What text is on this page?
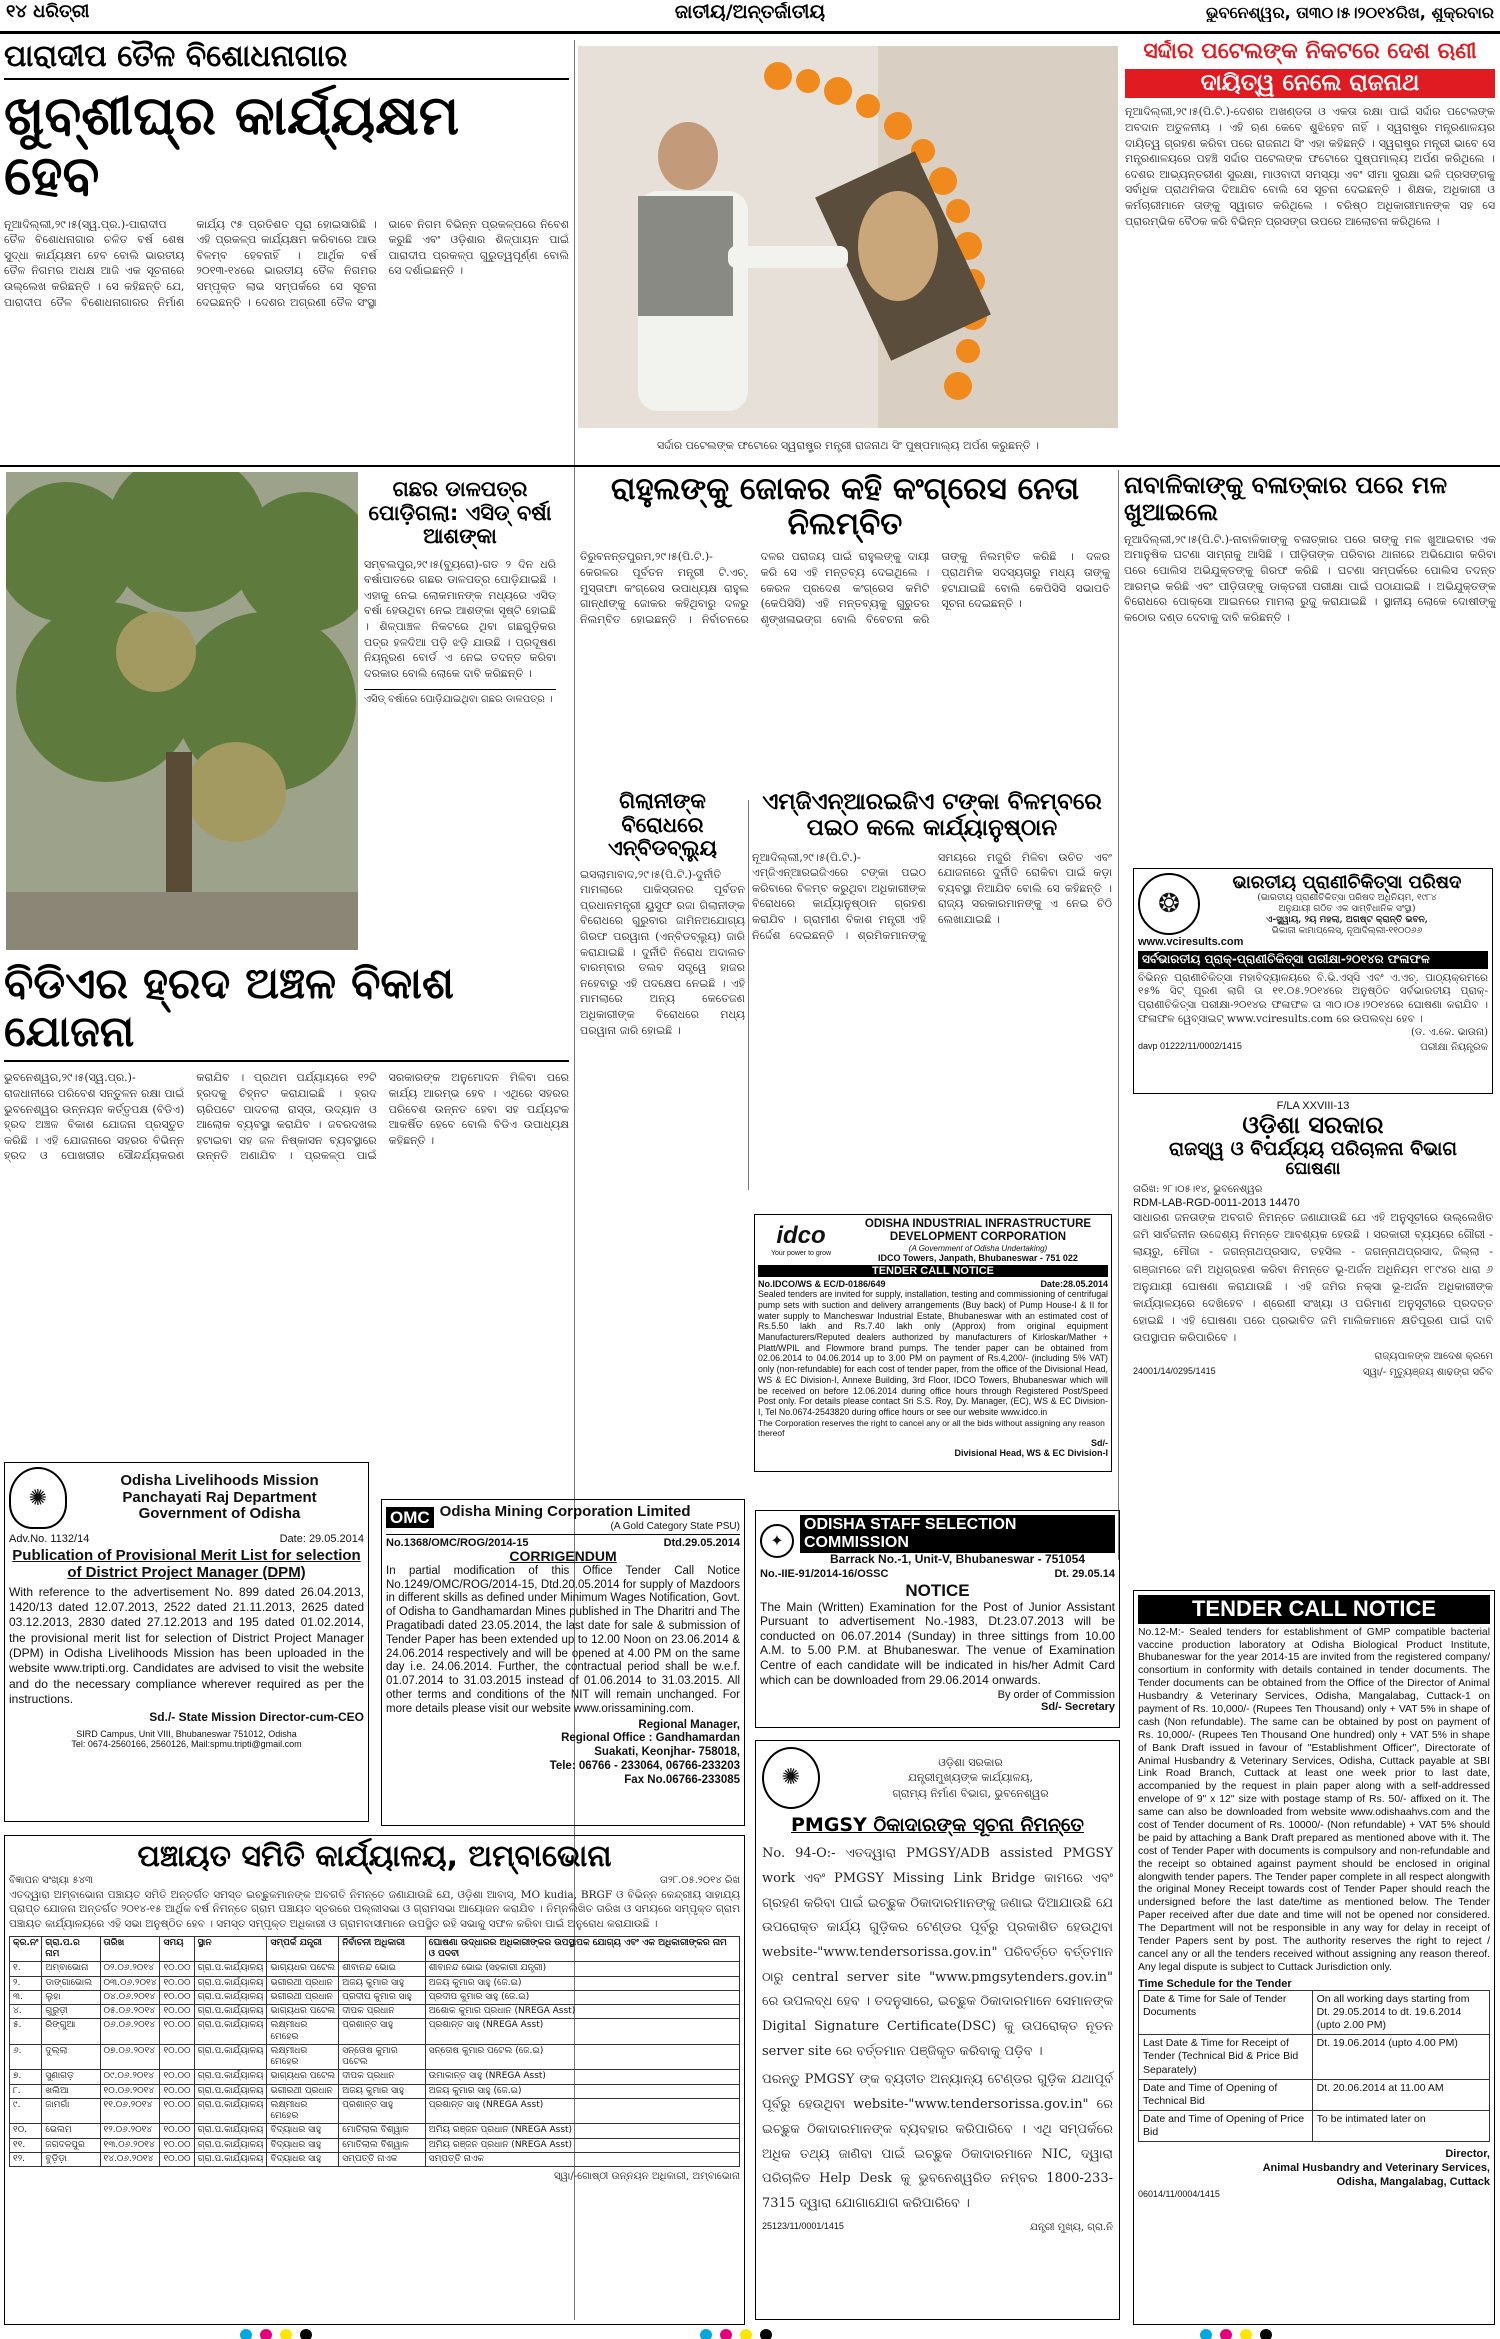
୧୪ ଧରିତ୍ରୀ	ଜାତୀୟ/ଅନ୍ତର୍ଜାତୀୟ	ଭୁବନେଶ୍ୱର, ତା୩୦।୫।୨୦୧୪ରିଖ, ଶୁକ୍ରବାର
ପାରାଦୀପ ତୈଳ ବିଶୋଧନାଗାର
ଖୁବ୍‌ଶୀଘ୍ର କାର୍ଯ୍ୟକ୍ଷମ ହେବ
ନୂଆଦିଲ୍ଲୀ,୨୯।୫(ସ୍ୱ.ପ୍ର.)-ପାରାଦୀପ ତୈଳ ବିଶୋଧନାଗାର ଚଳିତ ବର୍ଷ ଶେଷ ସୁଦ୍ଧା କାର୍ଯ୍ୟକ୍ଷମ ହେବ ବୋଲି ଭାରତୀୟ ତୈଳ ନିଗମର ଅଧକ୍ଷ ଆଜି ଏକ ସୂଚନାରେ ଉଲ୍ଲେଖ କରିଛନ୍ତି । ସେ କହିଛନ୍ତି ଯେ, ପାରାଦୀପ ତୈଳ ବିଶୋଧନାଗାରର ନିର୍ମାଣ କାର୍ଯ୍ୟ ୯୫ ପ୍ରତିଶତ ପୂରା ହୋଇସାରିଛି । ଏହି ପ୍ରକଳ୍ପ କାର୍ଯ୍ୟକ୍ଷମ କରିବାରେ ଆଉ ବିଳମ୍ବ ହେବନାହିଁ । ଆର୍ଥିକ ବର୍ଷ ୨୦୧୩-୧୪ରେ ଭାରତୀୟ ତୈଳ ନିଗମର ସମ୍ପୃକ୍ତ ଲାଭ ସମ୍ପର୍କରେ ସେ ସୂଚନା ଦେଇଛନ୍ତି । ଦେଶର ଅଗ୍ରଣୀ ତୈଳ ସଂସ୍ଥା ଭାବେ ନିଗମ ବିଭିନ୍ନ ପ୍ରକଳ୍ପରେ ନିବେଶ କରୁଛି ଏବଂ ଓଡ଼ିଶାର ଶିଳ୍ପାୟନ ପାଇଁ ପାରାଦୀପ ପ୍ରକଳ୍ପ ଗୁରୁତ୍ୱପୂର୍ଣ୍ଣ ବୋଲି ସେ ଦର୍ଶାଇଛନ୍ତି ।
ସର୍ଦ୍ଦାର ପଟେଲଙ୍କ ଫଟୋରେ ସ୍ୱରାଷ୍ଟ୍ର ମନ୍ତ୍ରୀ ରାଜନାଥ ସିଂ ପୁଷ୍ପମାଲ୍ୟ ଅର୍ପଣ କରୁଛନ୍ତି ।
ସର୍ଦ୍ଦାର ପଟେଲଙ୍କ ନିକଟରେ ଦେଶ ଋଣୀ
ଦାୟିତ୍ୱ ନେଲେ ରାଜନାଥ
ନୂଆଦିଲ୍ଲୀ,୨୯।୫(ପି.ଟି.)-ଦେଶର ଅଖଣ୍ଡତା ଓ ଏକତା ରକ୍ଷା ପାଇଁ ସର୍ଦ୍ଦାର ପଟେଲଙ୍କ ଅବଦାନ ଅତୁଳନୀୟ । ଏହି ଋଣ କେବେ ଶୁଝିହେବ ନାହିଁ । ସ୍ୱରାଷ୍ଟ୍ର ମନ୍ତ୍ରଣାଳୟର ଦାୟିତ୍ୱ ଗ୍ରହଣ କରିବା ପରେ ରାଜନାଥ ସିଂ ଏହା କହିଛନ୍ତି । ସ୍ୱରାଷ୍ଟ୍ର ମନ୍ତ୍ରୀ ଭାବେ ସେ ମନ୍ତ୍ରଣାଳୟରେ ପହଞ୍ଚି ସର୍ଦ୍ଦାର ପଟେଲଙ୍କ ଫଟୋରେ ପୁଷ୍ପମାଲ୍ୟ ଅର୍ପଣ କରିଥିଲେ । ଦେଶର ଆଭ୍ୟନ୍ତରୀଣ ସୁରକ୍ଷା, ମାଓବାଦୀ ସମସ୍ୟା ଏବଂ ସୀମା ସୁରକ୍ଷା ଭଳି ପ୍ରସଙ୍ଗକୁ ସର୍ବାଧିକ ପ୍ରାଥମିକତା ଦିଆଯିବ ବୋଲି ସେ ସୂଚନା ଦେଇଛନ୍ତି । ଶିକ୍ଷକ, ଅଧିକାରୀ ଓ କର୍ମଚାରୀମାନେ ତାଙ୍କୁ ସ୍ୱାଗତ କରିଥିଲେ । ବରିଷ୍ଠ ଅଧିକାରୀମାନଙ୍କ ସହ ସେ ପ୍ରାରମ୍ଭିକ ବୈଠକ କରି ବିଭିନ୍ନ ପ୍ରସଙ୍ଗ ଉପରେ ଆଲୋଚନା କରିଥିଲେ ।
ଗଛର ଡାଳପତ୍ର ପୋଡ଼ିଗଲା: ଏସିଡ୍ ବର୍ଷା ଆଶଙ୍କା
ସମ୍ବଲପୁର,୨୯।୫(ବ୍ୟୁରୋ)-ଗତ ୨ ଦିନ ଧରି ବର୍ଷାପାତରେ ଗଛର ଡାଳପତ୍ର ପୋଡ଼ିଯାଇଛି । ଏହାକୁ ନେଇ ଲୋକମାନଙ୍କ ମଧ୍ୟରେ ଏସିଡ୍ ବର୍ଷା ହେଉଥିବା ନେଇ ଆଶଙ୍କା ସୃଷ୍ଟି ହୋଇଛି । ଶିଳ୍ପାଞ୍ଚଳ ନିକଟରେ ଥିବା ଗଛଗୁଡ଼ିକର ପତ୍ର ହଳଦିଆ ପଡ଼ି ଝଡ଼ି ଯାଉଛି । ପ୍ରଦୂଷଣ ନିୟନ୍ତ୍ରଣ ବୋର୍ଡ ଏ ନେଇ ତଦନ୍ତ କରିବା ଦରକାର ବୋଲି ଲୋକେ ଦାବି କରିଛନ୍ତି ।
ଏସିଡ୍ ବର୍ଷାରେ ପୋଡ଼ିଯାଇଥିବା ଗଛର ଡାଳପତ୍ର ।
ରାହୁଲଙ୍କୁ ଜୋକର କହି କଂଗ୍ରେସ ନେତା ନିଲମ୍ବିତ
ତିରୁବନନ୍ତପୁରମ,୨୯।୫(ପି.ଟି.)-କେରଳର ପୂର୍ବତନ ମନ୍ତ୍ରୀ ଟି.ଏଚ୍. ମୁସ୍ତାଫା କଂଗ୍ରେସ ଉପାଧ୍ୟକ୍ଷ ରାହୁଲ ଗାନ୍ଧୀଙ୍କୁ ଜୋକର କହିଥିବାରୁ ଦଳରୁ ନିଲମ୍ବିତ ହୋଇଛନ୍ତି । ନିର୍ବାଚନରେ ଦଳର ପରାଜୟ ପାଇଁ ରାହୁଲଙ୍କୁ ଦାୟୀ କରି ସେ ଏହି ମନ୍ତବ୍ୟ ଦେଇଥିଲେ । କେରଳ ପ୍ରଦେଶ କଂଗ୍ରେସ କମିଟି (କେପିସିସି) ଏହି ମନ୍ତବ୍ୟକୁ ଗୁରୁତର ଶୃଙ୍ଖଳାଭଙ୍ଗ ବୋଲି ବିବେଚନା କରି ତାଙ୍କୁ ନିଲମ୍ବିତ କରିଛି । ଦଳର ପ୍ରାଥମିକ ସଦସ୍ୟତାରୁ ମଧ୍ୟ ତାଙ୍କୁ ହଟାଯାଇଛି ବୋଲି କେପିସିସି ସଭାପତି ସୂଚନା ଦେଇଛନ୍ତି ।
ନାବାଳିକାଙ୍କୁ ବଳାତ୍କାର ପରେ ମଳ ଖୁଆଇଲେ
ନୂଆଦିଲ୍ଲୀ,୨୯।୫(ପି.ଟି.)-ନାବାଳିକାଙ୍କୁ ବଳାତ୍କାର ପରେ ତାଙ୍କୁ ମଳ ଖୁଆଇବାର ଏକ ଅମାନୁଷିକ ଘଟଣା ସାମ୍ନାକୁ ଆସିଛି । ପୀଡ଼ିତାଙ୍କ ପରିବାର ଥାନାରେ ଅଭିଯୋଗ କରିବା ପରେ ପୋଲିସ ଅଭିଯୁକ୍ତଙ୍କୁ ଗିରଫ କରିଛି । ଘଟଣା ସମ୍ପର୍କରେ ପୋଲିସ ତଦନ୍ତ ଆରମ୍ଭ କରିଛି ଏବଂ ପୀଡ଼ିତାଙ୍କୁ ଡାକ୍ତରୀ ପରୀକ୍ଷା ପାଇଁ ପଠାଯାଇଛି । ଅଭିଯୁକ୍ତଙ୍କ ବିରୋଧରେ ପୋକ୍ସୋ ଆଇନରେ ମାମଲା ରୁଜୁ କରାଯାଇଛି । ସ୍ଥାନୀୟ ଲୋକେ ଦୋଷୀଙ୍କୁ କଠୋର ଦଣ୍ଡ ଦେବାକୁ ଦାବି କରିଛନ୍ତି ।
ଗିଲାନୀଙ୍କ ବିରୋଧରେ ଏନ୍‌ବିଡବ୍ଲ୍ୟୁ
ଇସଲାମାବାଦ,୨୯।୫(ପି.ଟି.)-ଦୁର୍ନୀତି ମାମଲାରେ ପାକିସ୍ତାନର ପୂର୍ବତନ ପ୍ରଧାନମନ୍ତ୍ରୀ ୟୁସୁଫ ରଜା ଗିଲାନୀଙ୍କ ବିରୋଧରେ ଗୁରୁବାର ଜାମିନଅଯୋଗ୍ୟ ଗିରଫ ପରୱାନା (ଏନ୍‌ବିଡବ୍ଲ୍ୟୁ) ଜାରି କରାଯାଇଛି । ଦୁର୍ନୀତି ନିରୋଧ ଅଦାଲତ ବାରମ୍ବାର ତଲବ ସତ୍ତ୍ୱେ ହାଜର ନହେବାରୁ ଏହି ପଦକ୍ଷେପ ନେଇଛି । ଏହି ମାମଲାରେ ଅନ୍ୟ କେତେଜଣ ଅଧିକାରୀଙ୍କ ବିରୋଧରେ ମଧ୍ୟ ପରୱାନା ଜାରି ହୋଇଛି ।
ଏମ୍‌ଜିଏନ୍‌ଆରଇଜିଏ ଟଙ୍କା ବିଳମ୍ବରେ ପଇଠ କଲେ କାର୍ଯ୍ୟାନୁଷ୍ଠାନ
ନୂଆଦିଲ୍ଲୀ,୨୯।୫(ପି.ଟି.)-ଏମ୍‌ଜିଏନ୍‌ଆରଇଜିଏରେ ଟଙ୍କା ପଇଠ କରିବାରେ ବିଳମ୍ବ କରୁଥିବା ଅଧିକାରୀଙ୍କ ବିରୋଧରେ କାର୍ଯ୍ୟାନୁଷ୍ଠାନ ଗ୍ରହଣ କରାଯିବ । ଗ୍ରାମୀଣ ବିକାଶ ମନ୍ତ୍ରୀ ଏହି ନିର୍ଦ୍ଦେଶ ଦେଇଛନ୍ତି । ଶ୍ରମିକମାନଙ୍କୁ ସମୟରେ ମଜୁରି ମିଳିବା ଉଚିତ ଏବଂ ଯୋଜନାରେ ଦୁର୍ନୀତି ରୋକିବା ପାଇଁ କଡ଼ା ବ୍ୟବସ୍ଥା ନିଆଯିବ ବୋଲି ସେ କହିଛନ୍ତି । ରାଜ୍ୟ ସରକାରମାନଙ୍କୁ ଏ ନେଇ ଚିଠି ଲେଖାଯାଇଛି ।
ବିଡିଏର ହ୍ରଦ ଅଞ୍ଚଳ ବିକାଶ ଯୋଜନା
ଭୁବନେଶ୍ୱର,୨୯।୫(ସ୍ୱ.ପ୍ର.)-ରାଜଧାନୀରେ ପରିବେଶ ସନ୍ତୁଳନ ରକ୍ଷା ପାଇଁ ଭୁବନେଶ୍ୱର ଉନ୍ନୟନ କର୍ତ୍ତୃପକ୍ଷ (ବିଡିଏ) ହ୍ରଦ ଅଞ୍ଚଳ ବିକାଶ ଯୋଜନା ପ୍ରସ୍ତୁତ କରିଛି । ଏହି ଯୋଜନାରେ ସହରର ବିଭିନ୍ନ ହ୍ରଦ ଓ ପୋଖରୀର ସୌନ୍ଦର୍ଯ୍ୟକରଣ କରାଯିବ । ପ୍ରଥମ ପର୍ଯ୍ୟାୟରେ ୧୨ଟି ହ୍ରଦକୁ ଚିହ୍ନଟ କରାଯାଇଛି । ହ୍ରଦ ଚାରିପଟେ ପାଦଚଲା ରାସ୍ତା, ଉଦ୍ୟାନ ଓ ଆଲୋକ ବ୍ୟବସ୍ଥା କରାଯିବ । ଜବରଦଖଲ ହଟାଇବା ସହ ଜଳ ନିଷ୍କାସନ ବ୍ୟବସ୍ଥାରେ ଉନ୍ନତି ଅଣାଯିବ । ପ୍ରକଳ୍ପ ପାଇଁ ସରକାରଙ୍କ ଅନୁମୋଦନ ମିଳିବା ପରେ କାର୍ଯ୍ୟ ଆରମ୍ଭ ହେବ । ଏଥିରେ ସହରର ପରିବେଶ ଉନ୍ନତ ହେବା ସହ ପର୍ଯ୍ୟଟକ ଆକର୍ଷିତ ହେବେ ବୋଲି ବିଡିଏ ଉପାଧ୍ୟକ୍ଷ କହିଛନ୍ତି ।
❂
ଭାରତୀୟ ପ୍ରାଣୀଚିକିତ୍ସା ପରିଷଦ
(ଭାରତୀୟ ପ୍ରାଣୀଚିକିତ୍ସା ପରିଷଦ ଅଧିନିୟମ, ୧୯୮୪
ଅନୁଯାୟୀ ଗଠିତ ଏକ ସାମ୍ବିଧାନିକ ସଂସ୍ଥା)
ଏ-ସ୍କ୍ୱାୟ, ୨ୟ ମହଲା, ଅଗଷ୍ଟ କ୍ରାନ୍ତି ଭବନ,
ଭିକାଜୀ କାମାପ୍ଲେସ୍, ନୂଆଦିଲ୍ଲୀ-୧୧୦୦୬୬
www.vciresults.com
ସର୍ବଭାରତୀୟ ପ୍ରାକ୍-ପ୍ରାଣୀଚିକିତ୍ସା ପରୀକ୍ଷା-୨୦୧୪ର ଫଳାଫଳ
ବିଭିନ୍ନ ପ୍ରାଣୀଚିକିତ୍ସା ମହାବିଦ୍ୟାଳୟରେ ବି.ଭି.ଏସ୍‌ସି ଏବଂ ଏ.ଏଚ୍. ପାଠ୍ୟକ୍ରମରେ ୧୫% ସିଟ୍ ପୂରଣ ଲାଗି ତା ୧୧.୦୫.୨୦୧୪ରେ ଅନୁଷ୍ଠିତ ସର୍ବଭାରତୀୟ ପ୍ରାକ୍-ପ୍ରାଣୀଚିକିତ୍ସା ପରୀକ୍ଷା-୨୦୧୪ର ଫଳାଫଳ ତା ୩୦।୦୫।୨୦୧୪ରେ ଘୋଷଣା କରାଯିବ । ଫଳାଫଳ ୱେବ୍‌ସାଇଟ୍ www.vciresults.com ରେ ଉପଲବ୍ଧ ହେବ ।
(ଡ. ଏ.କେ. ଭାଉନା)
davp 01222/11/0002/1415	ପରୀକ୍ଷା ନିୟନ୍ତ୍ରକ
F/LA XXVIII-13
ଓଡ଼ିଶା ସରକାର
ରାଜସ୍ୱ ଓ ବିପର୍ଯ୍ୟୟ ପରିଚାଳନା ବିଭାଗ
ଘୋଷଣା
ତାରିଖ: ୨୮।୦୫।୧୪, ଭୁବନେଶ୍ୱର
RDM-LAB-RGD-0011-2013 14470
ସାଧାରଣ ଜନତାଙ୍କ ଅବଗତି ନିମନ୍ତେ ଜଣାଯାଉଛି ଯେ ଏହି ଅନୁସୂଚୀରେ ଉଲ୍ଲେଖିତ ଜମି ସାର୍ବଜନୀନ ଉଦ୍ଦେଶ୍ୟ ନିମନ୍ତେ ଆବଶ୍ୟକ ହେଉଛି । ସରକାରୀ ବ୍ୟୟରେ ଗୌରୀ - ଲାୟରୁ, ମୌଜା - ଜଗନ୍ନାଥପ୍ରସାଦ, ତହସିଲ - ଜଗନ୍ନାଥପ୍ରସାଦ, ଜିଲ୍ଲା - ଗଞ୍ଜାମରେ ଜମି ଅଧିଗ୍ରହଣ କରିବା ନିମନ୍ତେ ଭୂ-ଅର୍ଜନ ଅଧିନିୟମ ୧୮୯୪ର ଧାରା ୬ ଅନୁଯାୟୀ ଘୋଷଣା କରାଯାଉଛି । ଏହି ଜମିର ନକ୍ସା ଭୂ-ଅର୍ଜନ ଅଧିକାରୀଙ୍କ କାର୍ଯ୍ୟାଳୟରେ ଦେଖିହେବ । ଶ୍ରେଣୀ ସଂଖ୍ୟା ଓ ପରିମାଣ ଅନୁସୂଚୀରେ ପ୍ରଦତ୍ତ ହୋଇଛି । ଏହି ଘୋଷଣା ପରେ ପ୍ରଭାବିତ ଜମି ମାଲିକମାନେ କ୍ଷତିପୂରଣ ପାଇଁ ଦାବି ଉପସ୍ଥାପନ କରିପାରିବେ ।
ରାଜ୍ୟପାଳଙ୍କ ଆଦେଶ କ୍ରମେ
24001/14/0295/1415	ସ୍ୱା/- ମୃତ୍ୟୁଞ୍ଜୟ ଶାଢଙ୍ଗ ସଚିବ
idco
Your power to grow
ODISHA INDUSTRIAL INFRASTRUCTURE
DEVELOPMENT CORPORATION
(A Government of Odisha Undertaking)
IDCO Towers, Janpath, Bhubaneswar - 751 022
TENDER CALL NOTICE
No.IDCO/WS & EC/D-0186/649	Date:28.05.2014
Sealed tenders are invited for supply, installation, testing and commissioning of centrifugal pump sets with suction and delivery arrangements (Buy back) of Pump House-I & II for water supply to Mancheswar Industrial Estate, Bhubaneswar with an estimated cost of Rs.5.50 lakh and Rs.7.40 lakh only (Approx) from original equipment Manufacturers/Reputed dealers authorized by manufacturers of Kirloskar/Mather + Platt/WPIL and Flowmore brand pumps. The tender paper can be obtained from 02.06.2014 to 04.06.2014 up to 3.00 PM on payment of Rs.4,200/- (including 5% VAT) only (non-refundable) for each cost of tender paper, from the office of the Divisional Head, WS & EC Division-I, Annexe Building, 3rd Floor, IDCO Towers, Bhubaneswar which will be received on before 12.06.2014 during office hours through Registered Post/Speed Post only. For details please contact Sri S.S. Roy, Dy. Manager, (EC), WS & EC Division-I, Tel No.0674-2543820 during office hours or see our website www.idco.in
The Corporation reserves the right to cancel any or all the bids without assigning any reason thereof
Sd/-
Divisional Head, WS & EC Division-I
✺
Odisha Livelihoods Mission
Panchayati Raj Department
Government of Odisha
Adv.No. 1132/14	Date: 29.05.2014
Publication of Provisional Merit List for selection of District Project Manager (DPM)
With reference to the advertisement No. 899 dated 26.04.2013, 1420/13 dated 12.07.2013, 2522 dated 21.11.2013, 2625 dated 03.12.2013, 2830 dated 27.12.2013 and 195 dated 01.02.2014, the provisional merit list for selection of District Project Manager (DPM) in Odisha Livelihoods Mission has been uploaded in the website www.tripti.org. Candidates are advised to visit the website and do the necessary compliance wherever required as per the instructions.
Sd./- State Mission Director-cum-CEO
SIRD Campus, Unit VIII, Bhubaneswar 751012, Odisha
Tel: 0674-2560166, 2560126, Mail:spmu.tripti@gmail.com
OMC Odisha Mining Corporation Limited
(A Gold Category State PSU)
No.1368/OMC/ROG/2014-15	Dtd.29.05.2014
CORRIGENDUM
In partial modification of this Office Tender Call Notice No.1249/OMC/ROG/2014-15, Dtd.20.05.2014 for supply of Mazdoors in different skills as defined under Minimum Wages Notification, Govt. of Odisha to Gandhamardan Mines published in The Dharitri and The Pragatibadi dated 23.05.2014, the last date for sale & submission of Tender Paper has been extended up to 12.00 Noon on 23.06.2014 & 24.06.2014 respectively and will be opened at 4.00 PM on the same day i.e. 24.06.2014. Further, the contractual period shall be w.e.f. 01.07.2014 to 31.03.2015 instead of 01.06.2014 to 31.03.2015. All other terms and conditions of the NIT will remain unchanged. For more details please visit our website www.orissamining.com.
Regional Manager,
Regional Office : Gandhamardan
Suakati, Keonjhar- 758018,
Tele: 06766 - 233064, 06766-233203
Fax No.06766-233085
✦
ODISHA STAFF SELECTION COMMISSION
Barrack No.-1, Unit-V, Bhubaneswar - 751054
No.-IIE-91/2014-16/OSSC	Dt. 29.05.14
NOTICE
The Main (Written) Examination for the Post of Junior Assistant Pursuant to advertisement No.-1983, Dt.23.07.2013 will be conducted on 06.07.2014 (Sunday) in three sittings from 10.00 A.M. to 5.00 P.M. at Bhubaneswar. The venue of Examination Centre of each candidate will be indicated in his/her Admit Card which can be downloaded from 29.06.2014 onwards.
By order of Commission
Sd/- Secretary
TENDER CALL NOTICE
No.12-M:- Sealed tenders for establishment of GMP compatible bacterial vaccine production laboratory at Odisha Biological Product Institute, Bhubaneswar for the year 2014-15 are invited from the registered company/ consortium in conformity with details contained in tender documents. The Tender documents can be obtained from the Office of the Director of Animal Husbandry & Veterinary Services, Odisha, Mangalabag, Cuttack-1 on payment of Rs. 10,000/- (Rupees Ten Thousand) only + VAT 5% in shape of cash (Non refundable). The same can be obtained by post on payment of Rs. 10,000/- (Rupees Ten Thousand One hundred) only + VAT 5% in shape of Bank Draft issued in favour of "Establishment Officer", Directorate of Animal Husbandry & Veterinary Services, Odisha, Cuttack payable at SBI Link Road Branch, Cuttack at least one week prior to last date, accompanied by the request in plain paper along with a self-addressed envelope of 9" x 12" size with postage stamp of Rs. 50/- affixed on it. The same can also be downloaded from website www.odishaahvs.com and the cost of Tender document of Rs. 10000/- (Non refundable) + VAT 5% should be paid by attaching a Bank Draft prepared as mentioned above with it. The cost of Tender Paper with documents is compulsory and non-refundable and the receipt so obtained against payment should be enclosed in original alongwith tender papers. The Tender paper complete in all respect alongwith the original Money Receipt towards cost of Tender Paper should reach the undersigned before the last date/time as mentioned below. The Tender Paper received after due date and time will not be opened nor considered. The Department will not be responsible in any way for delay in receipt of Tender Papers sent by post. The authority reserves the right to reject / cancel any or all the tenders received without assigning any reason thereof. Any legal dispute is subject to Cuttack Jurisdiction only.
Time Schedule for the Tender
Date & Time for Sale of Tender Documents	On all working days starting from Dt. 29.05.2014 to dt. 19.6.2014 (upto 2.00 PM)
Last Date & Time for Receipt of Tender (Technical Bid & Price Bid Separately)	Dt. 19.06.2014 (upto 4.00 PM)
Date and Time of Opening of Technical Bid	Dt. 20.06.2014 at 11.00 AM
Date and Time of Opening of Price Bid	To be intimated later on
Director,
Animal Husbandry and Veterinary Services,
Odisha, Mangalabag, Cuttack
06014/11/0004/1415
✺
ଓଡ଼ିଶା ସରକାର
ଯନ୍ତ୍ରୀମୁଖ୍ୟଙ୍କ କାର୍ଯ୍ୟାଳୟ,
ଗ୍ରାମ୍ୟ ନିର୍ମାଣ ବିଭାଗ, ଭୁବନେଶ୍ୱର
PMGSY ଠିକାଦାରଙ୍କ ସୂଚନା ନିମନ୍ତେ
No. 94-O:- ଏତଦ୍ୱାରା PMGSY/ADB assisted PMGSY work ଏବଂ PMGSY Missing Link Bridge କାମରେ ଏବଂ ଗ୍ରହଣ କରିବା ପାଇଁ ଇଚ୍ଛୁକ ଠିକାଦାରମାନଙ୍କୁ ଜଣାଇ ଦିଆଯାଉଛି ଯେ ଉପରୋକ୍ତ କାର୍ଯ୍ୟ ଗୁଡ଼ିକର ଟେଣ୍ଡର ପୂର୍ବରୁ ପ୍ରକାଶିତ ହେଉଥିବା website-"www.tendersorissa.gov.in" ପରିବର୍ତ୍ତେ ବର୍ତ୍ତମାନ ଠାରୁ central server site "www.pmgsytenders.gov.in" ରେ ଉପଲବ୍ଧ ହେବ । ତଦନୁସାରେ, ଇଚ୍ଛୁକ ଠିକାଦାରମାନେ ସେମାନଙ୍କ Digital Signature Certificate(DSC) କୁ ଉପରୋକ୍ତ ନୂତନ server site ରେ ବର୍ତ୍ତମାନ ପଞ୍ଜିକୃତ କରିବାକୁ ପଡ଼ିବ ।
ପରନ୍ତୁ PMGSY ଙ୍କ ବ୍ୟତୀତ ଅନ୍ୟାନ୍ୟ ଟେଣ୍ଡର ଗୁଡ଼ିକ ଯଥାପୂର୍ବ ପୂର୍ବରୁ ହେଉଥିବା website-"www.tendersorissa.gov.in" ରେ ଇଚ୍ଛୁକ ଠିକାଦାରମାନଙ୍କ ବ୍ୟବହାର କରିପାରିବେ । ଏଥି ସମ୍ପର୍କରେ ଅଧିକ ତଥ୍ୟ ଜାଣିବା ପାଇଁ ଇଚ୍ଛୁକ ଠିକାଦାରମାନେ NIC, ଦ୍ୱାରା ପରିଚାଳିତ Help Desk କୁ ଭୁବନେଶ୍ୱରିତ ନମ୍ବର 1800-233-7315 ଦ୍ୱାରା ଯୋଗାଯୋଗ କରିପାରିବେ ।
25123/11/0001/1415	ଯନ୍ତ୍ରୀ ମୁଖ୍ୟ, ଗ୍ରା.ନି
ପଞ୍ଚାୟତ ସମିତି କାର୍ଯ୍ୟାଳୟ, ଅମ୍ବାଭୋନା
ବିଜ୍ଞାପନ ସଂଖ୍ୟା ୫୪୩	ତା୨୮.୦୫.୨୦୧୪ ରିଖ
ଏତଦ୍ୱାରା ଅମ୍ବାଭୋନା ପଞ୍ଚାୟତ ସମିତି ଅନ୍ତର୍ଗତ ସମସ୍ତ ଇଚ୍ଛୁକମାନଙ୍କ ଅବଗତି ନିମନ୍ତେ ଜଣାଯାଉଛି ଯେ, ଓଡ଼ିଶା ଆବାସ୍, MO kudia, BRGF ଓ ବିଭିନ୍ନ କେନ୍ଦ୍ରୀୟ ସାହାଯ୍ୟ ପ୍ରାପ୍ତ ଯୋଜନା ଅନ୍ତର୍ଗତ ୨୦୧୪-୧୫ ଆର୍ଥିକ ବର୍ଷ ନିମନ୍ତେ ଗ୍ରାମ ପଞ୍ଚାୟତ ସ୍ତରରେ ପଲ୍ଲୀସଭା ଓ ଗ୍ରାମସଭା ଆୟୋଜନ କରାଯିବ । ନିମ୍ନଲିଖିତ ତାରିଖ ଓ ସମୟରେ ସମ୍ପୃକ୍ତ ଗ୍ରାମ ପଞ୍ଚାୟତ କାର୍ଯ୍ୟାଳୟରେ ଏହି ସଭା ଅନୁଷ୍ଠିତ ହେବ । ସମସ୍ତ ସମ୍ପୃକ୍ତ ଅଧିକାରୀ ଓ ଗ୍ରାମବାସୀମାନେ ଉପସ୍ଥିତ ରହି ସଭାକୁ ସଫଳ କରିବା ପାଇଁ ଅନୁରୋଧ କରାଯାଉଛି ।
କ୍ର.ନଂ	ଗ୍ରା.ପ.ର ନାମ	ତାରିଖ	ସମୟ	ସ୍ଥାନ	ସମ୍ପର୍କ ଯନ୍ତ୍ରୀ	ନିର୍ବାଚନୀ ଅଧିକାରୀ	ଘୋଷଣା ଉଦ୍ଧାରର ଅଧିକାରୀଙ୍କର ଉପସ୍ଥାପକ ଯୋଗ୍ୟ ଏବଂ ଏକ ଅଧିକାରୀଙ୍କର ନାମ ଓ ପଦବୀ
୧.	ଅମ୍ବାଭୋନା	୦୨.୦୬.୨୦୧୪	୧୦.୦୦	ଗ୍ରା.ପ.କାର୍ଯ୍ୟାଳୟ	ଭାଗ୍ୟଧର ପଟେଲ	ଶୀବାନନ୍ଦ ଭୋଇ	ଶୀବାନନ୍ଦ ଭୋଇ (ସହକାରୀ ଯନ୍ତ୍ରୀ)
୨.	ଡାଙ୍ଗାଭୋଲ	୦୩.୦୬.୨୦୧୪	୧୦.୦୦	ଗ୍ରା.ପ.କାର୍ଯ୍ୟାଳୟ	ଭଗୀରଥୀ ପ୍ରଧାନ	ଅଜୟ କୁମାର ସାହୁ	ଅଜୟ କୁମାର ସାହୁ (ଜେ.ଇ)
୩.	ଲୁହା	୦୪.୦୬.୨୦୧୪	୧୦.୦୦	ଗ୍ରା.ପ.କାର୍ଯ୍ୟାଳୟ	ଭଗୀରଥୀ ପ୍ରଧାନ	ପ୍ରଦୀପ କୁମାର ସାହୁ	ପ୍ରଦୀପ କୁମାର ସାହୁ (ଜେ.ଇ)
୪.	ଗୁରୁଡ଼ୀ	୦୫.୦୬.୨୦୧୪	୧୦.୦୦	ଗ୍ରା.ପ.କାର୍ଯ୍ୟାଳୟ	ଭାଗ୍ୟଧର ପଟେଲ	ଦୀପକ ପ୍ରଧାନ	ଅଶୋକ କୁମାର ପ୍ରଧାନ (NREGA Asst)
୫.	ରିଙ୍ଗୁଆ	୦୬.୦୬.୨୦୧୪	୧୦.୦୦	ଗ୍ରା.ପ.କାର୍ଯ୍ୟାଳୟ	ଲକ୍ଷ୍ମୀଧର ମେହେର	ପ୍ରଶାନ୍ତ ସାହୁ	ପ୍ରଶାନ୍ତ ସାହୁ (NREGA Asst)
୬.	ଦୁଲ୍ଲା	୦୭.୦୬.୨୦୧୪	୧୦.୦୦	ଗ୍ରା.ପ.କାର୍ଯ୍ୟାଳୟ	ଲକ୍ଷ୍ମୀଧର ମେହେର	ସନ୍ତୋଷ କୁମାର ପଟେଲ	ସନ୍ତୋଷ କୁମାର ପଟେଲ (ଜେ.ଇ)
୭.	ସୁଣାଗଡ଼	୦୯.୦୬.୨୦୧୪	୧୦.୦୦	ଗ୍ରା.ପ.କାର୍ଯ୍ୟାଳୟ	ଭାଗ୍ୟଧର ପଟେଲ	ଦୀପକ ପ୍ରଧାନ	ଉମାକାନ୍ତ ସାହୁ (NREGA Asst)
୮.	ଖଲିଆ	୧୦.୦୬.୨୦୧୪	୧୦.୦୦	ଗ୍ରା.ପ.କାର୍ଯ୍ୟାଳୟ	ଭଗୀରଥୀ ପ୍ରଧାନ	ଅଜୟ କୁମାର ସାହୁ	ଅଜୟ କୁମାର ସାହୁ (ଜେ.ଇ)
୯.	ଜାମଗାଁ	୧୧.୦୬.୨୦୧୪	୧୦.୦୦	ଗ୍ରା.ପ.କାର୍ଯ୍ୟାଳୟ	ଲକ୍ଷ୍ମୀଧର ମେହେର	ପ୍ରଶାନ୍ତ ସାହୁ	ପ୍ରଶାନ୍ତ ସାହୁ (NREGA Asst)
୧୦.	ଭେଲମ	୧୨.୦୬.୨୦୧୪	୧୦.୦୦	ଗ୍ରା.ପ.କାର୍ଯ୍ୟାଳୟ	ବିଦ୍ୟାଧର ସାହୁ	ମୋତିଲାଲ ବିଶ୍ୱାଳ	ଅମିୟ ରଞ୍ଜନ ପ୍ରଧାନ (NREGA Asst)
୧୧.	ଜଗଦଳପୁର	୧୩.୦୬.୨୦୧୪	୧୦.୦୦	ଗ୍ରା.ପ.କାର୍ଯ୍ୟାଳୟ	ବିଦ୍ୟାଧର ସାହୁ	ମୋତିଲାଲ ବିଶ୍ୱାଳ	ଅମିୟ ରଞ୍ଜନ ପ୍ରଧାନ (NREGA Asst)
୧୨.	ବୁଡ଼ିଡ଼ା	୧୪.୦୬.୨୦୧୪	୧୦.୦୦	ଗ୍ରା.ପ.କାର୍ଯ୍ୟାଳୟ	ବିଦ୍ୟାଧର ସାହୁ	ସମ୍ପତ୍ତି ନାଏକ	ସମ୍ପତ୍ତି ନାଏକ
ସ୍ୱା/-ଗୋଷ୍ଠୀ ଉନ୍ନୟନ ଅଧିକାରୀ, ଅମ୍ବାଭୋନା
